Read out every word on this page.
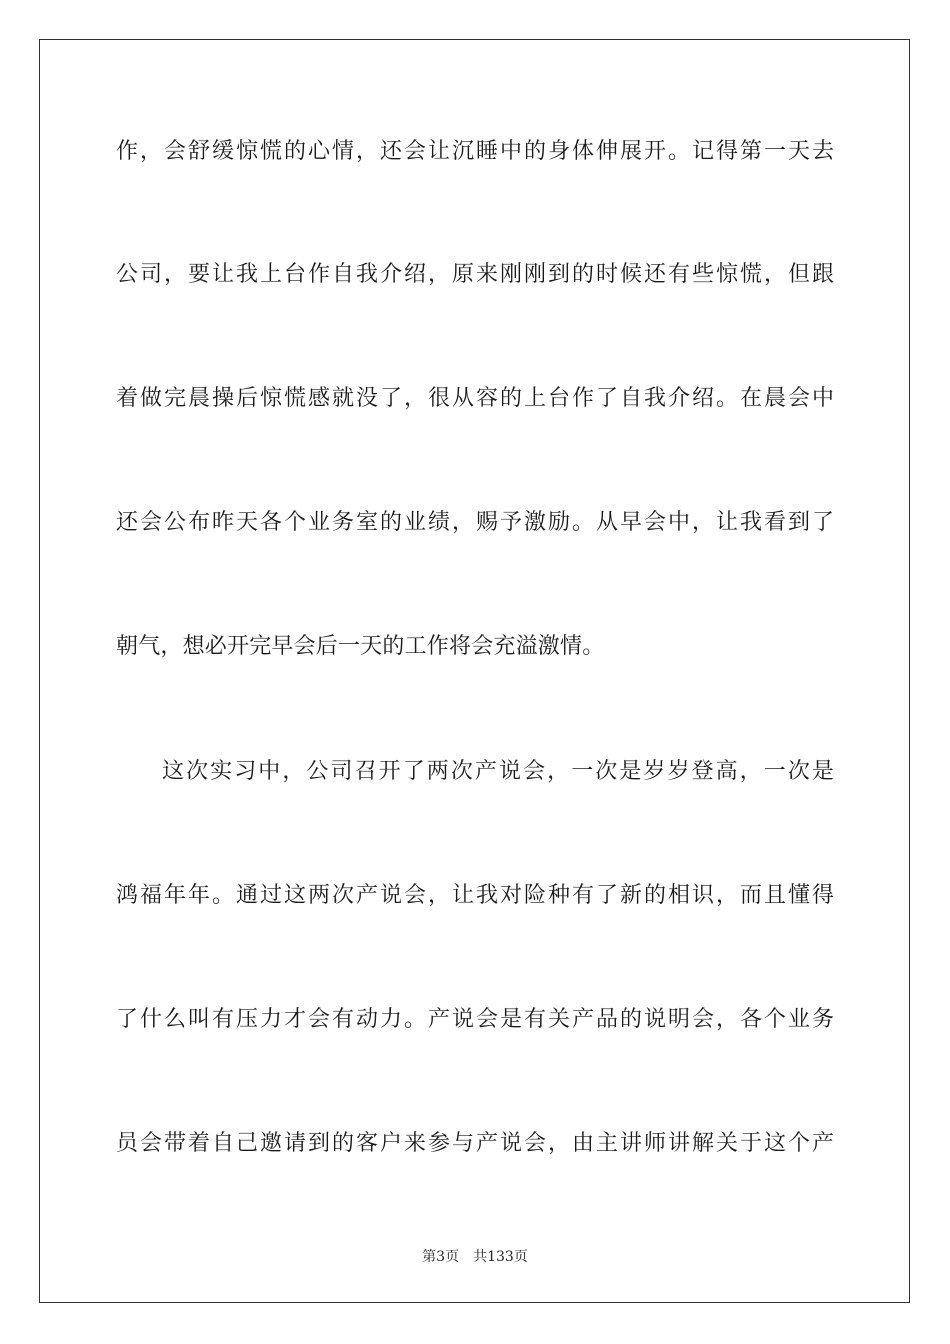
作，会舒缓惊慌的心情，还会让沉睡中的身体伸展开。记得第一天去
公司，要让我上台作自我介绍，原来刚刚到的时候还有些惊慌，但跟
着做完晨操后惊慌感就没了，很从容的上台作了自我介绍。在晨会中
还会公布昨天各个业务室的业绩，赐予激励。从早会中，让我看到了
朝气，想必开完早会后一天的工作将会充溢激情。
这次实习中，公司召开了两次产说会，一次是岁岁登高，一次是
鸿福年年。通过这两次产说会，让我对险种有了新的相识，而且懂得
了什么叫有压力才会有动力。产说会是有关产品的说明会，各个业务
员会带着自己邀请到的客户来参与产说会，由主讲师讲解关于这个产
第3页 共133页
